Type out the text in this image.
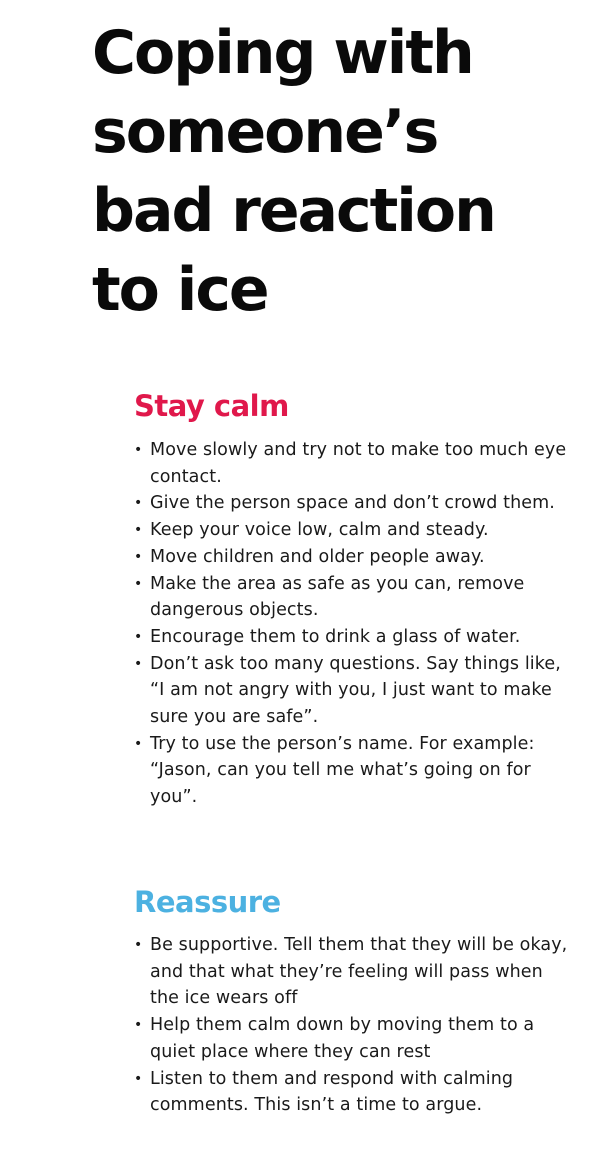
Coping with
someone’s
bad reaction
to ice
Stay calm
• Move slowly and try not to make too much eye contact.
• Give the person space and don’t crowd them.
• Keep your voice low, calm and steady.
• Move children and older people away.
• Make the area as safe as you can, remove dangerous objects.
• Encourage them to drink a glass of water.
• Don’t ask too many questions. Say things like, “I am not angry with you, I just want to make sure you are safe”.
• Try to use the person’s name. For example: “Jason, can you tell me what’s going on for you”.
Reassure
• Be supportive. Tell them that they will be okay, and that what they’re feeling will pass when the ice wears off
• Help them calm down by moving them to a quiet place where they can rest
• Listen to them and respond with calming comments. This isn’t a time to argue.
